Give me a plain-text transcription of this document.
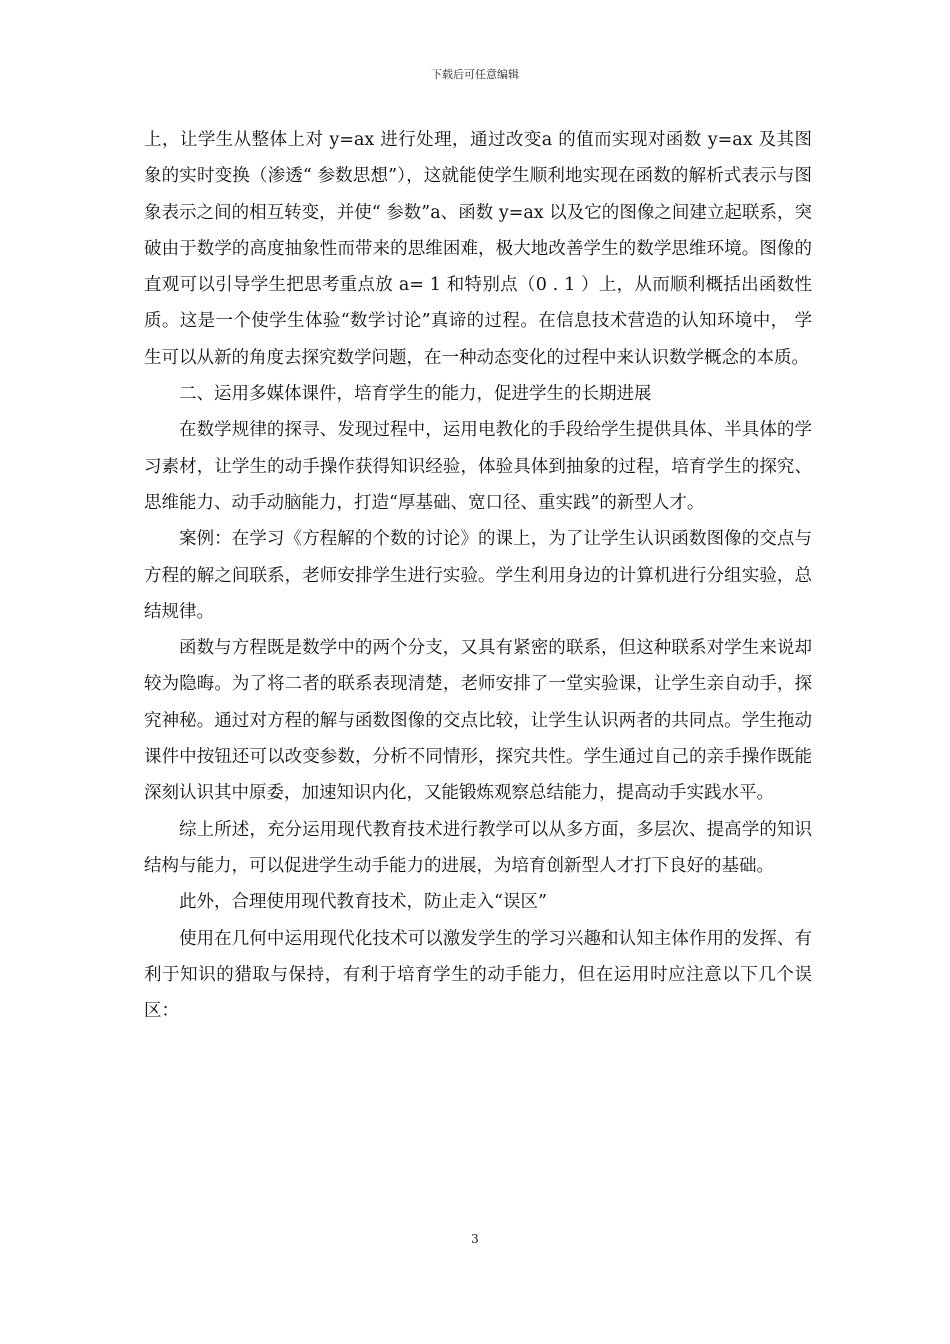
下载后可任意编辑

上，让学生从整体上对 y=ax 进行处理，通过改变a 的值而实现对函数 y=ax 及其图象的实时变换（渗透“ 参数思想”），这就能使学生顺利地实现在函数的解析式表示与图象表示之间的相互转变，并使“ 参数”a、函数 y=ax 以及它的图像之间建立起联系，突破由于数学的高度抽象性而带来的思维困难，极大地改善学生的数学思维环境。图像的直观可以引导学生把思考重点放 a= 1 和特别点（0 . 1 ）上，从而顺利概括出函数性质。这是一个使学生体验“数学讨论”真谛的过程。在信息技术营造的认知环境中， 学生可以从新的角度去探究数学问题，在一种动态变化的过程中来认识数学概念的本质。

二、运用多媒体课件，培育学生的能力，促进学生的长期进展

在数学规律的探寻、发现过程中，运用电教化的手段给学生提供具体、半具体的学习素材，让学生的动手操作获得知识经验，体验具体到抽象的过程，培育学生的探究、思维能力、动手动脑能力，打造“厚基础、宽口径、重实践”的新型人才。

案例：在学习《方程解的个数的讨论》的课上，为了让学生认识函数图像的交点与方程的解之间联系，老师安排学生进行实验。学生利用身边的计算机进行分组实验，总结规律。

函数与方程既是数学中的两个分支，又具有紧密的联系，但这种联系对学生来说却较为隐晦。为了将二者的联系表现清楚，老师安排了一堂实验课，让学生亲自动手，探究神秘。通过对方程的解与函数图像的交点比较，让学生认识两者的共同点。学生拖动课件中按钮还可以改变参数，分析不同情形，探究共性。学生通过自己的亲手操作既能深刻认识其中原委，加速知识内化，又能锻炼观察总结能力，提高动手实践水平。

综上所述，充分运用现代教育技术进行教学可以从多方面，多层次、提高学的知识结构与能力，可以促进学生动手能力的进展，为培育创新型人才打下良好的基础。

此外，合理使用现代教育技术，防止走入“误区”

使用在几何中运用现代化技术可以激发学生的学习兴趣和认知主体作用的发挥、有利于知识的猎取与保持，有利于培育学生的动手能力，但在运用时应注意以下几个误区：

3
